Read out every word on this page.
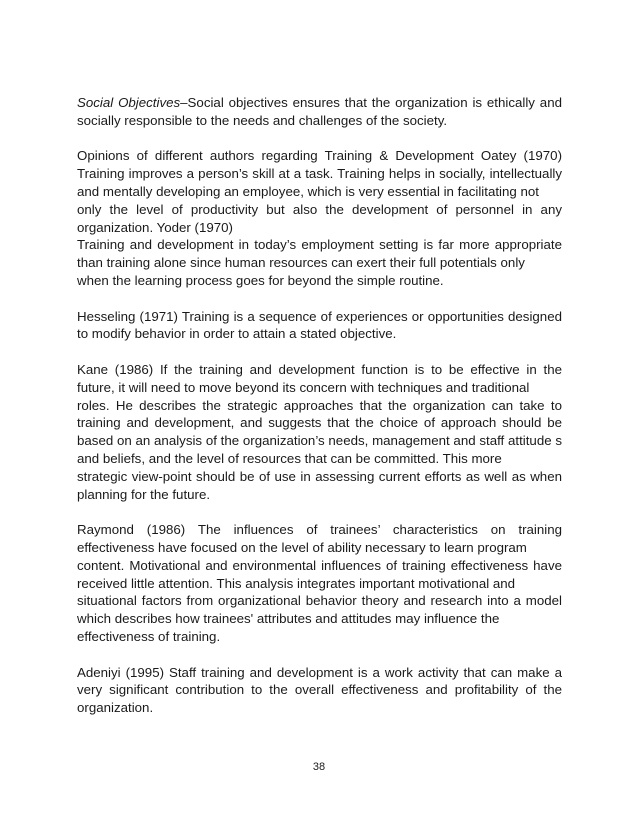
Social Objectives–Social objectives ensures that the organization is ethically and
socially responsible to the needs and challenges of the society.
Opinions of different authors regarding Training & Development Oatey (1970)
Training improves a person’s skill at a task. Training helps in socially, intellectually
and mentally developing an employee, which is very essential in facilitating not
only the level of productivity but also the development of personnel in any
organization. Yoder (1970)
Training and development in today’s employment setting is far more appropriate
than training alone since human resources can exert their full potentials only
when the learning process goes for beyond the simple routine.
Hesseling (1971) Training is a sequence of experiences or opportunities designed
to modify behavior in order to attain a stated objective.
Kane (1986) If the training and development function is to be effective in the
future, it will need to move beyond its concern with techniques and traditional
roles. He describes the strategic approaches that the organization can take to
training and development, and suggests that the choice of approach should be
based on an analysis of the organization’s needs, management and staff attitude s
and beliefs, and the level of resources that can be committed. This more
strategic view-point should be of use in assessing current efforts as well as when
planning for the future.
Raymond (1986) The influences of trainees’ characteristics on training
effectiveness have focused on the level of ability necessary to learn program
content. Motivational and environmental influences of training effectiveness have
received little attention. This analysis integrates important motivational and
situational factors from organizational behavior theory and research into a model
which describes how trainees' attributes and attitudes may influence the
effectiveness of training.
Adeniyi (1995) Staff training and development is a work activity that can make a
very significant contribution to the overall effectiveness and profitability of the
organization.
38
